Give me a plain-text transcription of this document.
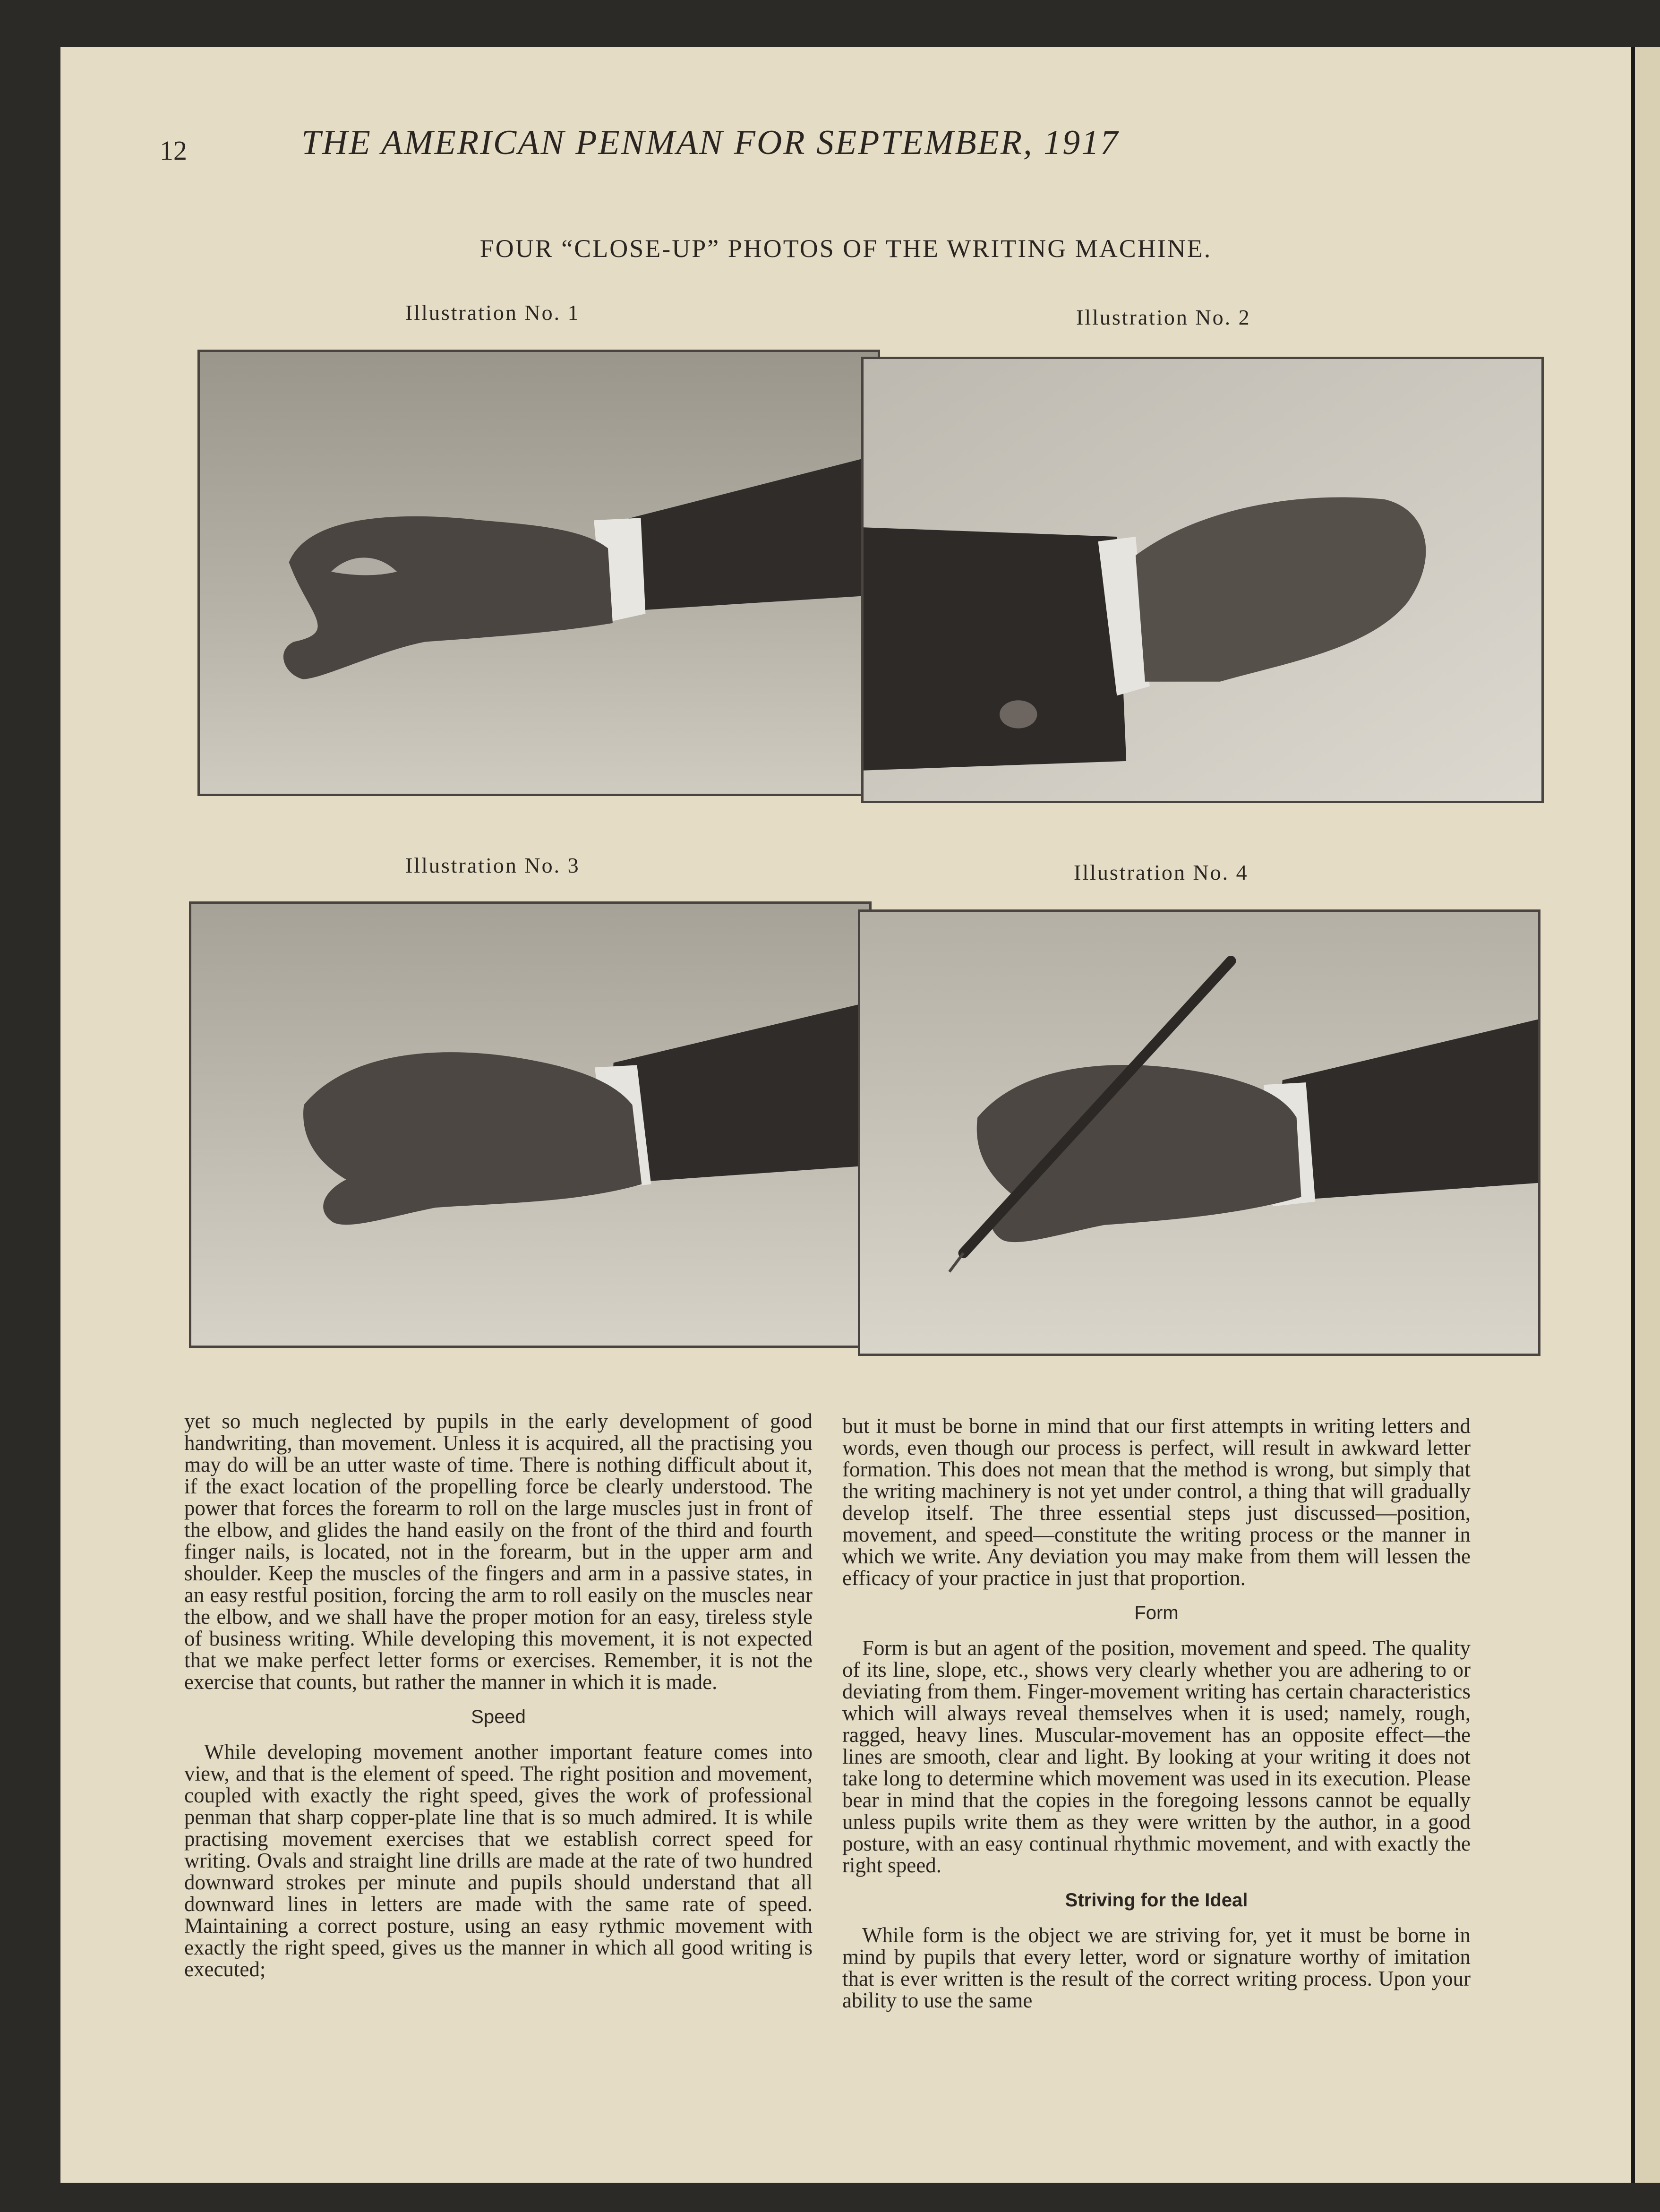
12	THE AMERICAN PENMAN FOR SEPTEMBER, 1917
FOUR “CLOSE-UP” PHOTOS OF THE WRITING MACHINE.
Illustration No. 1	Illustration No. 2
Illustration No. 3	Illustration No. 4

yet so much neglected by pupils in the early development of good handwriting, than movement. Unless it is acquired, all the practising you may do will be an utter waste of time. There is nothing difficult about it, if the exact location of the propelling force be clearly understood. The power that forces the forearm to roll on the large muscles just in front of the elbow, and glides the hand easily on the front of the third and fourth finger nails, is located, not in the forearm, but in the upper arm and shoulder. Keep the muscles of the fingers and arm in a passive states, in an easy restful position, forcing the arm to roll easily on the muscles near the elbow, and we shall have the proper motion for an easy, tireless style of business writing. While developing this movement, it is not expected that we make perfect letter forms or exercises. Remember, it is not the exercise that counts, but rather the manner in which it is made.

Speed

While developing movement another important feature comes into view, and that is the element of speed. The right position and movement, coupled with exactly the right speed, gives the work of professional penman that sharp copper-plate line that is so much admired. It is while practising movement exercises that we establish correct speed for writing. Ovals and straight line drills are made at the rate of two hundred downward strokes per minute and pupils should understand that all downward lines in letters are made with the same rate of speed. Maintaining a correct posture, using an easy rythmic movement with exactly the right speed, gives us the manner in which all good writing is executed;

but it must be borne in mind that our first attempts in writing letters and words, even though our process is perfect, will result in awkward letter formation. This does not mean that the method is wrong, but simply that the writing machinery is not yet under control, a thing that will gradually develop itself. The three essential steps just discussed—position, movement, and speed—constitute the writing process or the manner in which we write. Any deviation you may make from them will lessen the efficacy of your practice in just that proportion.

Form

Form is but an agent of the position, movement and speed. The quality of its line, slope, etc., shows very clearly whether you are adhering to or deviating from them. Finger-movement writing has certain characteristics which will always reveal themselves when it is used; namely, rough, ragged, heavy lines. Muscular-movement has an opposite effect—the lines are smooth, clear and light. By looking at your writing it does not take long to determine which movement was used in its execution. Please bear in mind that the copies in the foregoing lessons cannot be equally unless pupils write them as they were written by the author, in a good posture, with an easy continual rhythmic movement, and with exactly the right speed.

Striving for the Ideal

While form is the object we are striving for, yet it must be borne in mind by pupils that every letter, word or signature worthy of imitation that is ever written is the result of the correct writing process. Upon your ability to use the same
